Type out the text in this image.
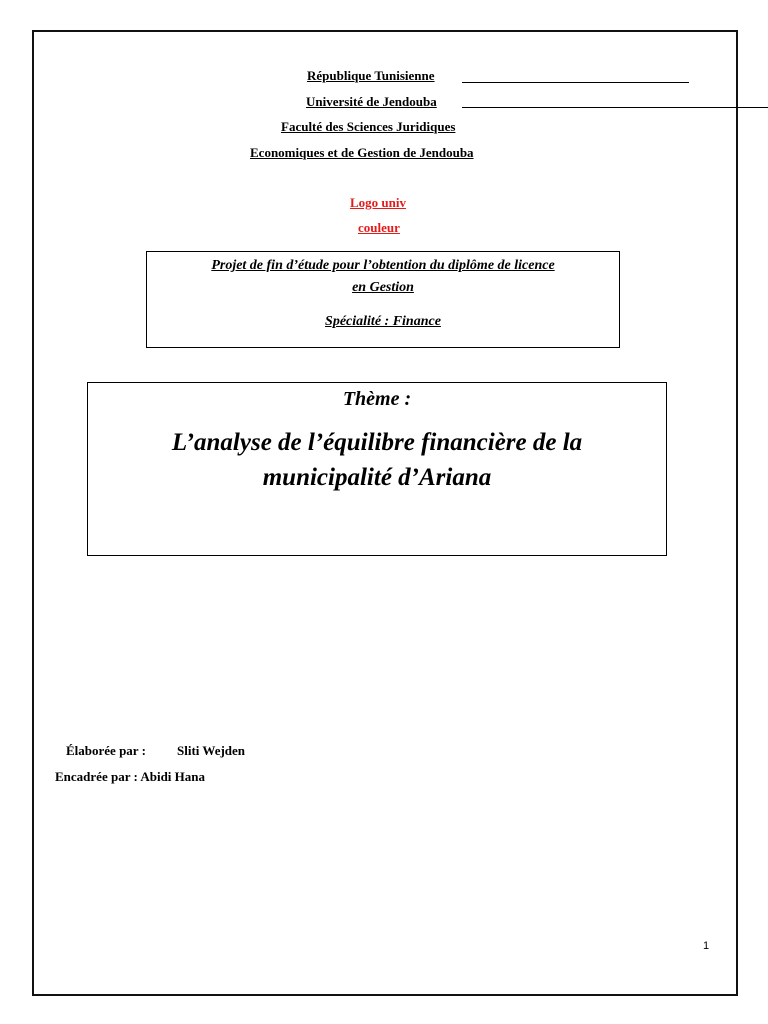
République Tunisienne
Université de Jendouba
Faculté des Sciences Juridiques
Economiques et de Gestion de Jendouba
Logo univ
couleur
Projet de fin d’étude pour l’obtention du diplôme de licence
en Gestion
Spécialité : Finance
Thème :
L’analyse de l’équilibre financière de la
municipalité d’Ariana
Élaborée par : Sliti Wejden
Encadrée par : Abidi Hana
1
